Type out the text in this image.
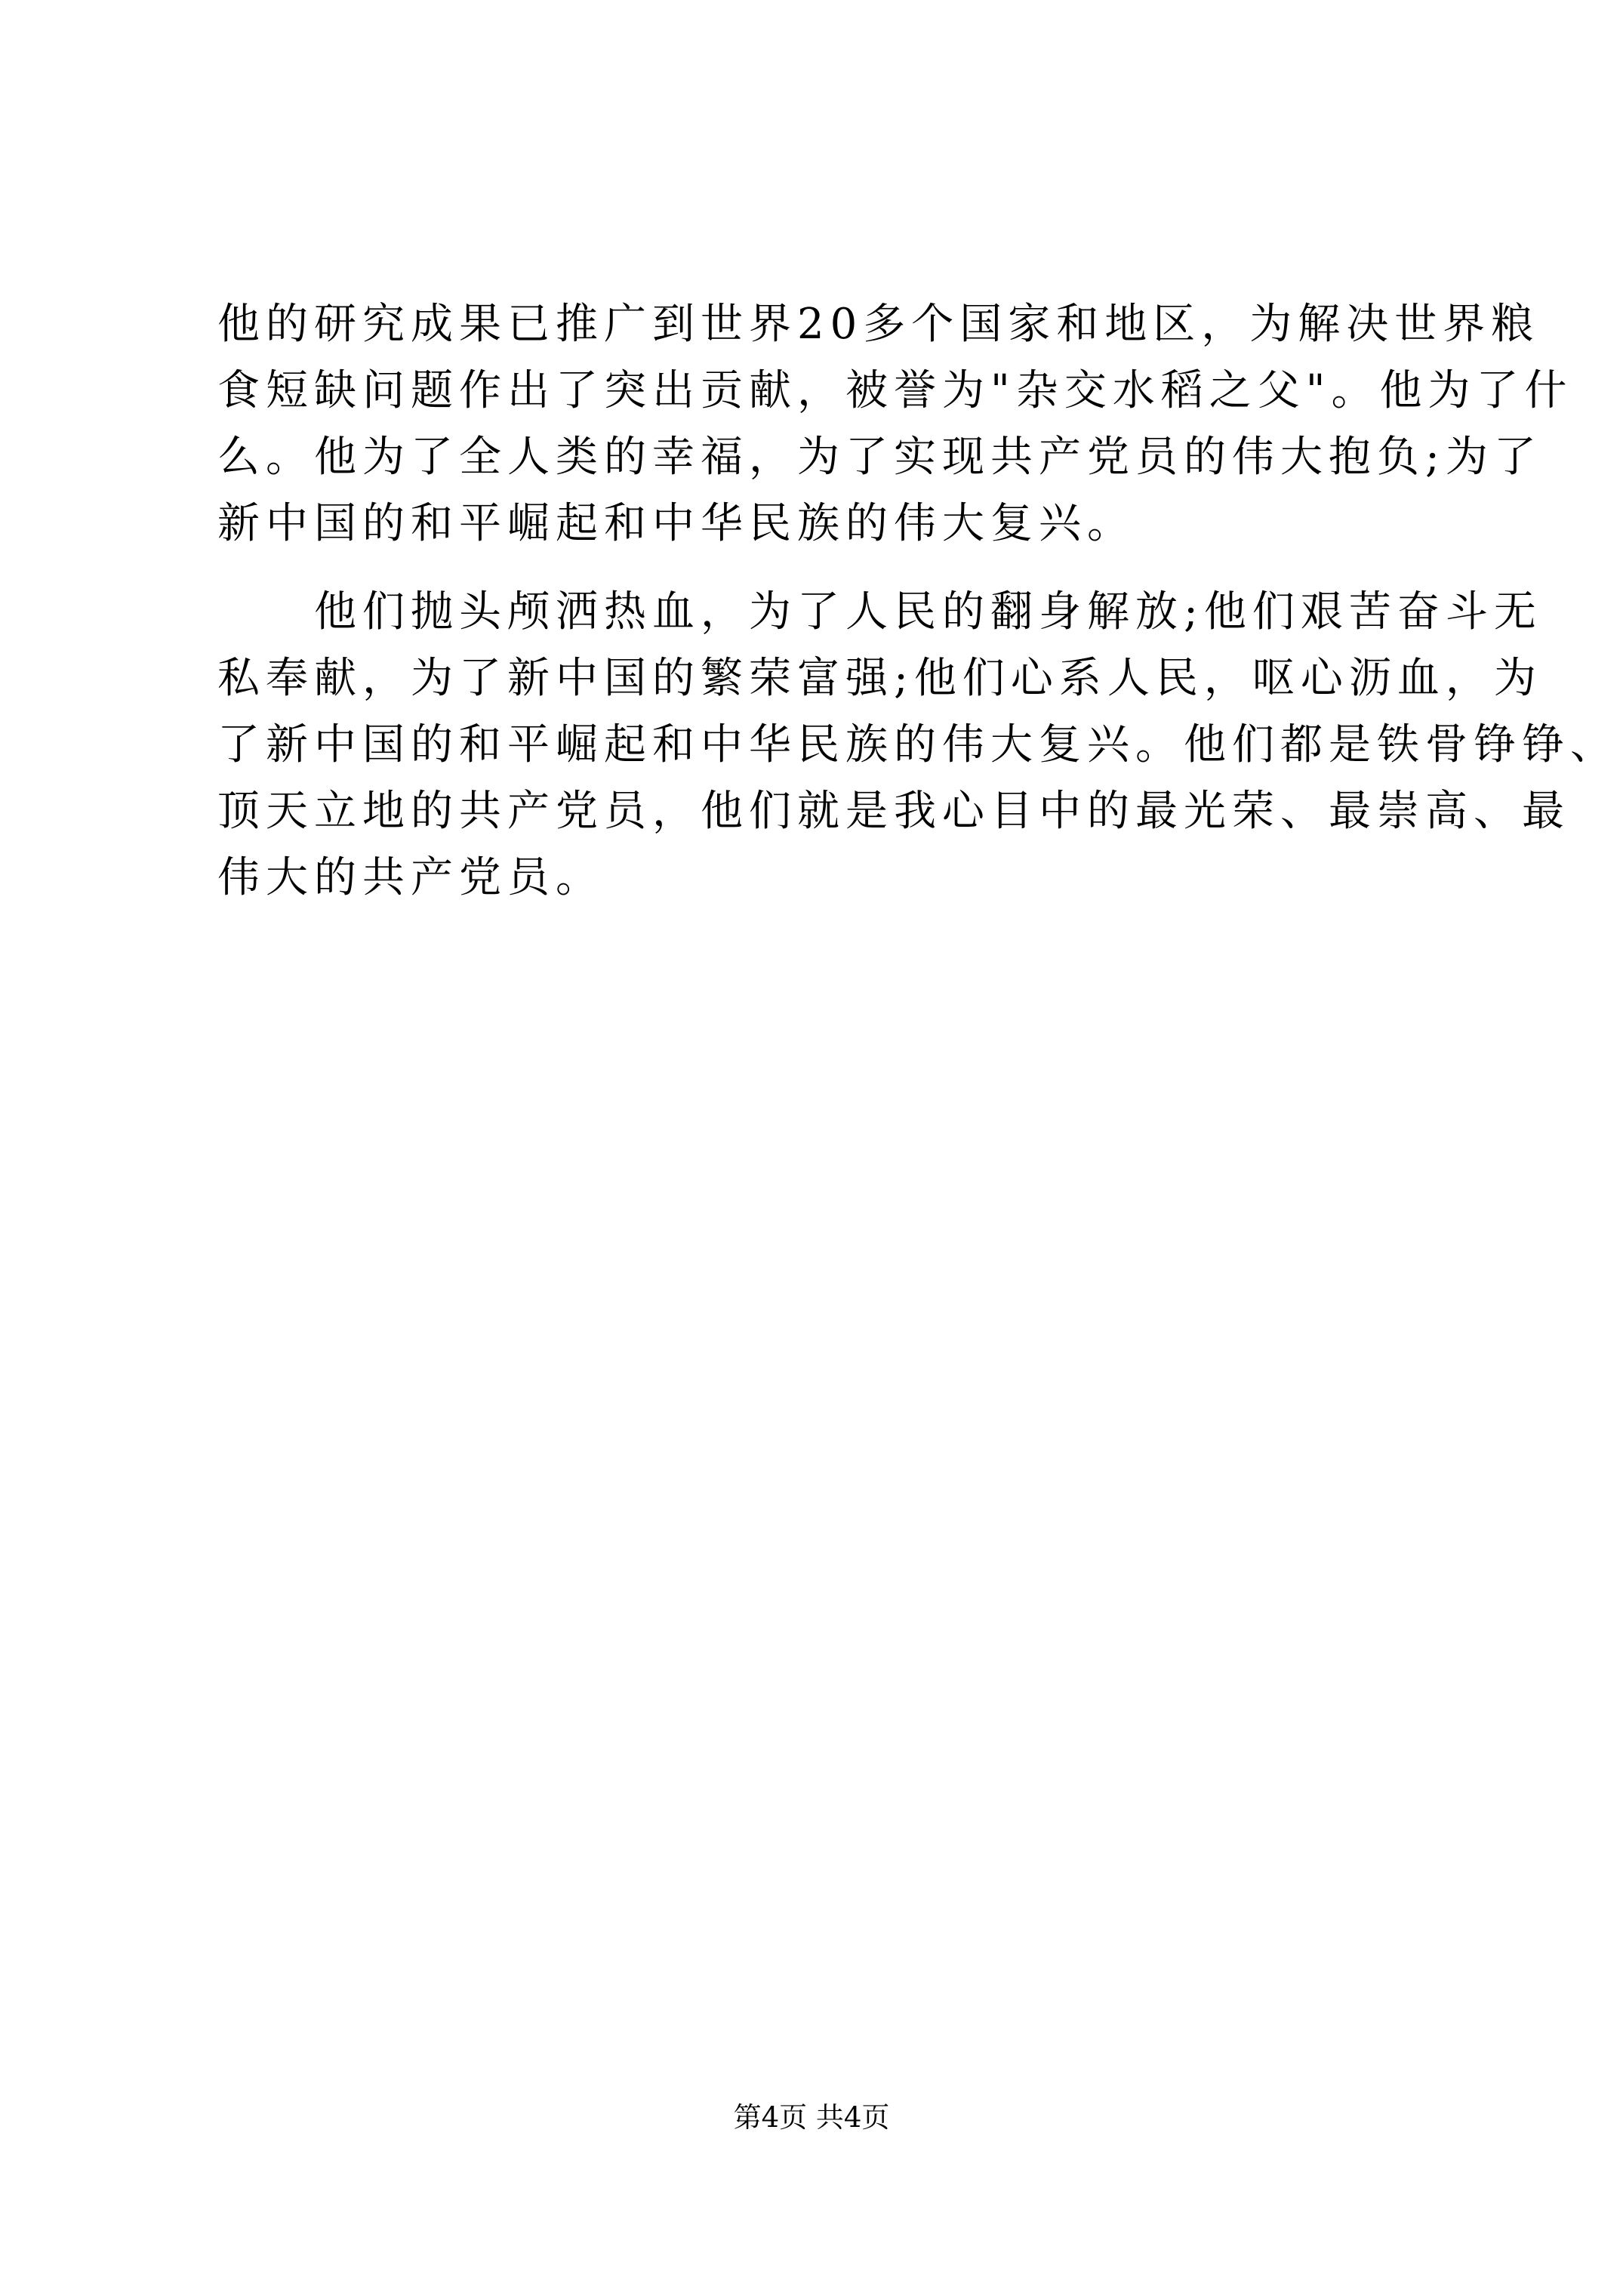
他的研究成果已推广到世界20多个国家和地区，为解决世界粮
食短缺问题作出了突出贡献，被誉为"杂交水稻之父"。他为了什
么。他为了全人类的幸福，为了实现共产党员的伟大抱负;为了
新中国的和平崛起和中华民族的伟大复兴。
　　他们抛头颅洒热血，为了人民的翻身解放;他们艰苦奋斗无
私奉献，为了新中国的繁荣富强;他们心系人民，呕心沥血，为
了新中国的和平崛起和中华民族的伟大复兴。他们都是铁骨铮铮、
顶天立地的共产党员，他们就是我心目中的最光荣、最崇高、最
伟大的共产党员。
第4页 共4页
